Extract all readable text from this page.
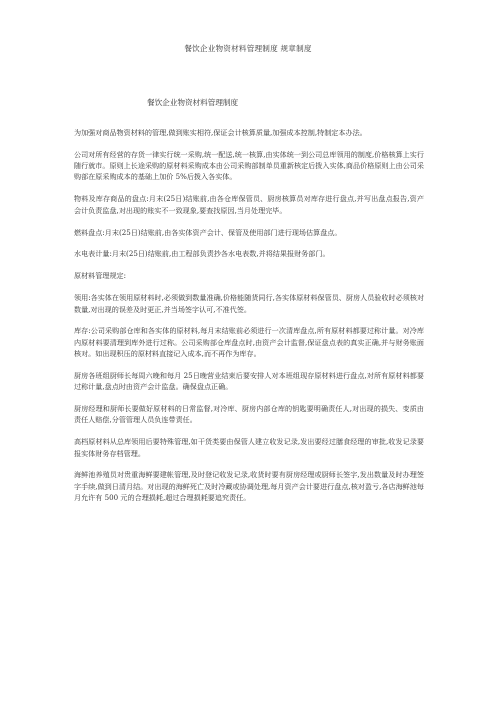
餐饮企业物资材料管理制度 规章制度
餐饮企业物资材料管理制度

为加强对商品物资材料的管理,做到账实相符,保证会计核算质量,加强成本控制,特制定本办法。

公司对所有经营的存货一律实行统一采购,统一配送,统一核算,由实体统一到公司总库领用的制度,价格核算上实行随行就市。原则上长途采购的原材料采购成本由公司采购部制单员重新核定后拨入实体,商品价格原则上由公司采购部在原采购成本的基础上加价 5%后拨入各实体。

物料及库存商品的盘点:月末(25日)结账前,由各仓库保管员、厨房核算员对库存进行盘点,并写出盘点报告,资产会计负责监盘,对出现的账实不一致现象,要查找原因,当月处理完毕。

燃料盘点:月末(25日)结账前,由各实体资产会计、保管及使用部门进行现场估算盘点。

水电表计量:月末(25日)结账前,由工程部负责抄各水电表数,并将结果报财务部门。

原材料管理规定:

领用:各实体在领用原材料时,必须做到数量准确,价格能随货同行,各实体原材料保管员、厨房人员验收时必须核对数量,对出现的误差及时更正,并当场签字认可,不准代签。

库存:公司采购部仓库和各实体的原材料,每月末结账前必须进行一次清库盘点,所有原材料都要过称计量。对冷库内原材料要清理到库外进行过称。公司采购部仓库盘点时,由资产会计监督,保证盘点表的真实正确,并与财务账面核对。如出现积压的原材料直接记入成本,而不再作为库存。

厨房各班组厨师长每周六晚和每月 25日晚营业结束后要安排人对本班组现存原材料进行盘点,对所有原材料都要过称计量,盘点时由资产会计监盘。确保盘点正确。

厨房经理和厨师长要做好原材料的日常监督,对冷库、厨房内部仓库的钥匙要明确责任人,对出现的损失、变质由责任人赔偿,分管管理人员负连带责任。

高档原材料从总库领用后要特殊管理,如干货类要由保管人建立收发记录,发出要经过膳食经理的审批,收发记录要报实体财务存档管理。

海鲜池养殖员对贵重海鲜要建帐管理,及时登记收发记录,收货时要有厨房经理或厨师长签字,发出数量及时办理签字手续,做到日清月结。对出现的海鲜死亡及时冷藏或协调处理,每月资产会计要进行盘点,核对盈亏,各店海鲜池每月允许有 500 元的合理损耗,超过合理损耗要追究责任。
